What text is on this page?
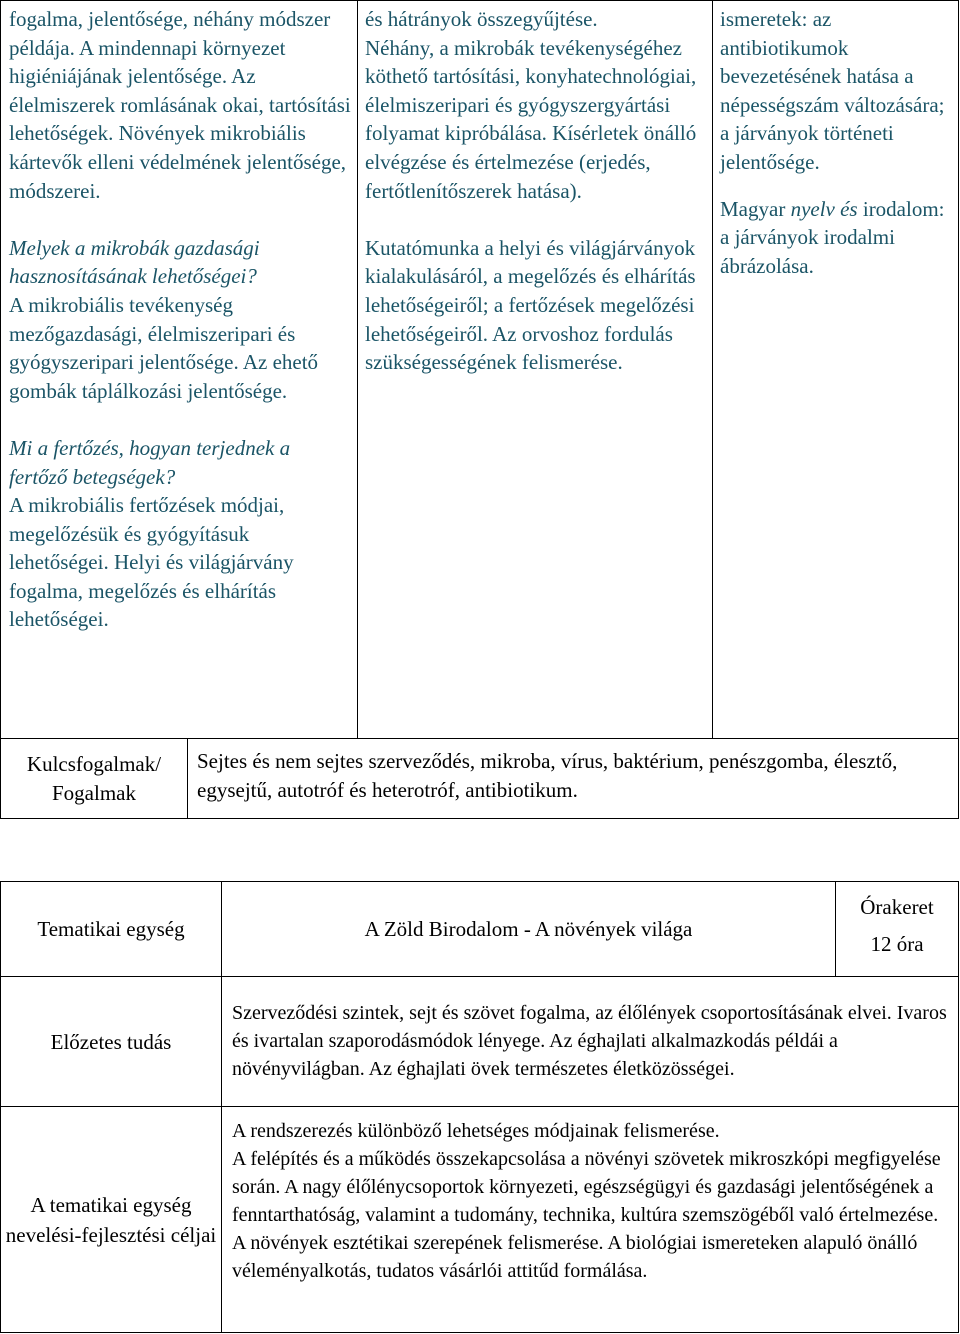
fogalma, jelentősége, néhány módszer példája. A mindennapi környezet higiéniájának jelentősége. Az élelmiszerek romlásának okai, tartósítási lehetőségek. Növények mikrobiális kártevők elleni védelmének jelentősége, módszerei.
Melyek a mikrobák gazdasági hasznosításának lehetőségei?
A mikrobiális tevékenység mezőgazdasági, élelmiszeripari és gyógyszeripari jelentősége. Az ehető gombák táplálkozási jelentősége.
Mi a fertőzés, hogyan terjednek a fertőző betegségek?
A mikrobiális fertőzések módjai, megelőzésük és gyógyításuk lehetőségei. Helyi és világjárvány fogalma, megelőzés és elhárítás lehetőségei.

és hátrányok összegyűjtése.
Néhány, a mikrobák tevékenységéhez köthető tartósítási, konyhatechnológiai, élelmiszeripari és gyógyszergyártási folyamat kipróbálása. Kísérletek önálló elvégzése és értelmezése (erjedés, fertőtlenítőszerek hatása).
Kutatómunka a helyi és világjárványok kialakulásáról, a megelőzés és elhárítás lehetőségeiről; a fertőzések megelőzési lehetőségeiről. Az orvoshoz fordulás szükségességének felismerése.

ismeretek: az antibiotikumok bevezetésének hatása a népességszám változására; a járványok történeti jelentősége.
Magyar nyelv és irodalom: a járványok irodalmi ábrázolása.
Kulcsfogalmak/ Fogalmak	Sejtes és nem sejtes szerveződés, mikroba, vírus, baktérium, penészgomba, élesztő, egysejtű, autotróf és heterotróf, antibiotikum.
Tematikai egység	A Zöld Birodalom - A növények világa	Órakeret
12 óra

Előzetes tudás	Szerveződési szintek, sejt és szövet fogalma, az élőlények csoportosításának elvei. Ivaros és ivartalan szaporodásmódok lényege. Az éghajlati alkalmazkodás példái a növényvilágban. Az éghajlati övek természetes életközösségei.	
A tematikai egység nevelési-fejlesztési céljai	A rendszerezés különböző lehetséges módjainak felismerése.
A felépítés és a működés összekapcsolása a növényi szövetek mikroszkópi megfigyelése során. A nagy élőlénycsoportok környezeti, egészségügyi és gazdasági jelentőségének a fenntarthatóság, valamint a tudomány, technika, kultúra szemszögéből való értelmezése.
A növények esztétikai szerepének felismerése. A biológiai ismereteken alapuló önálló véleményalkotás, tudatos vásárlói attitűd formálása.	
